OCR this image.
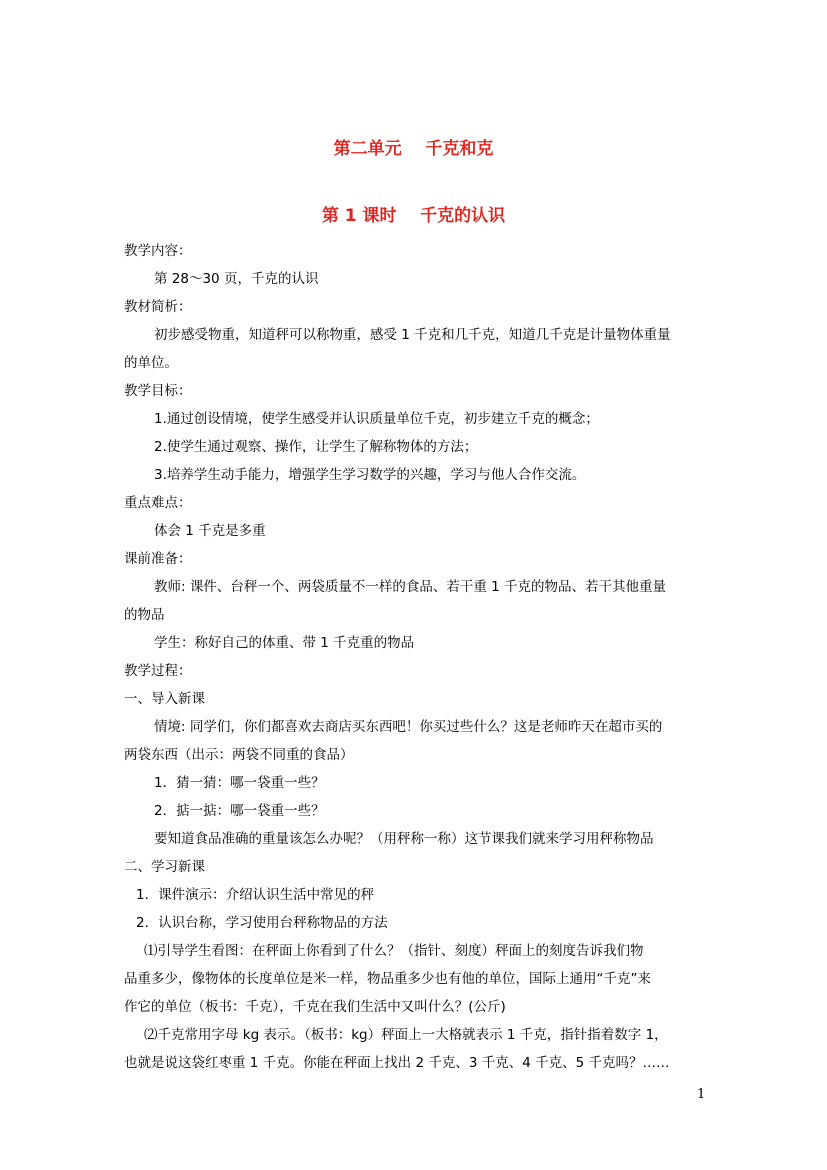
第二单元    千克和克
第 1 课时    千克的认识
教学内容：
第 28～30 页，千克的认识
教材简析：
初步感受物重，知道秤可以称物重，感受 1 千克和几千克，知道几千克是计量物体重量
的单位。
教学目标：
1.通过创设情境，使学生感受并认识质量单位千克，初步建立千克的概念；
2.使学生通过观察、操作，让学生了解称物体的方法；
3.培养学生动手能力，增强学生学习数学的兴趣，学习与他人合作交流。
重点难点：
体会 1 千克是多重
课前准备：
教师: 课件、台秤一个、两袋质量不一样的食品、若干重 1 千克的物品、若干其他重量
的物品
学生：称好自己的体重、带 1 千克重的物品
教学过程：
一、导入新课
情境: 同学们，你们都喜欢去商店买东西吧！你买过些什么？这是老师昨天在超市买的
两袋东西（出示：两袋不同重的食品）
1．猜一猜：哪一袋重一些？
2．掂一掂：哪一袋重一些？
要知道食品准确的重量该怎么办呢？（用秤称一称）这节课我们就来学习用秤称物品
二、学习新课
1．课件演示：介绍认识生活中常见的秤
2．认识台称，学习使用台秤称物品的方法
⑴引导学生看图：在秤面上你看到了什么？（指针、刻度）秤面上的刻度告诉我们物
品重多少，像物体的长度单位是米一样，物品重多少也有他的单位，国际上通用“千克”来
作它的单位（板书：千克），千克在我们生活中又叫什么？(公斤)
⑵千克常用字母 kg 表示。（板书：kg）秤面上一大格就表示 1 千克，指针指着数字 1，
也就是说这袋红枣重 1 千克。你能在秤面上找出 2 千克、3 千克、4 千克、5 千克吗？……
1
